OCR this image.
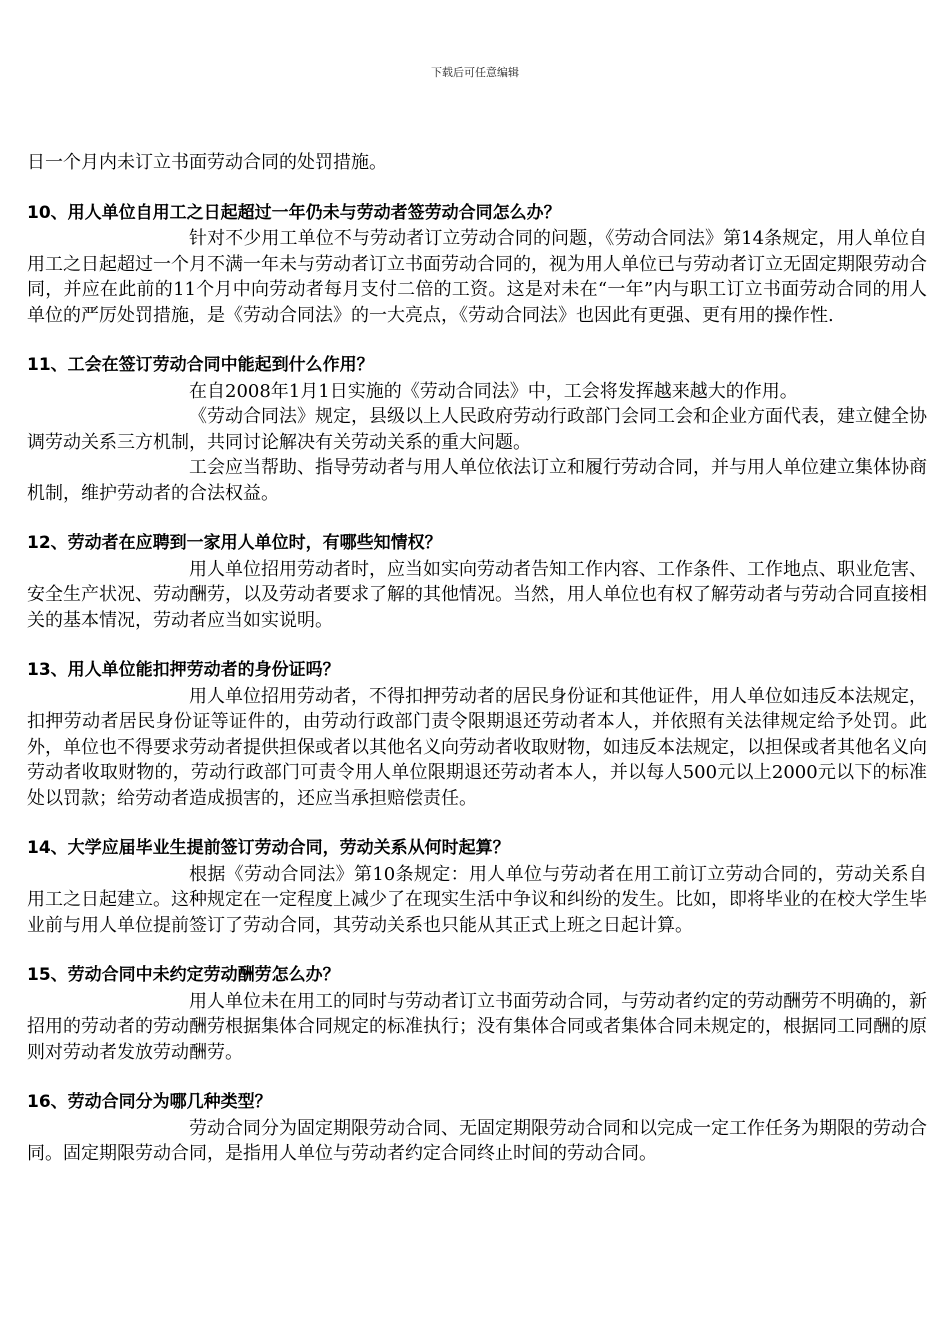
下载后可任意编辑

日一个月内未订立书面劳动合同的处罚措施。

10、用人单位自用工之日起超过一年仍未与劳动者签劳动合同怎么办？

针对不少用工单位不与劳动者订立劳动合同的问题，《劳动合同法》第14条规定，用人单位自用工之日起超过一个月不满一年未与劳动者订立书面劳动合同的，视为用人单位已与劳动者订立无固定期限劳动合同，并应在此前的11个月中向劳动者每月支付二倍的工资。这是对未在“一年”内与职工订立书面劳动合同的用人单位的严厉处罚措施，是《劳动合同法》的一大亮点，《劳动合同法》也因此有更强、更有用的操作性.

11、工会在签订劳动合同中能起到什么作用？

在自2008年1月1日实施的《劳动合同法》中，工会将发挥越来越大的作用。

《劳动合同法》规定，县级以上人民政府劳动行政部门会同工会和企业方面代表，建立健全协调劳动关系三方机制，共同讨论解决有关劳动关系的重大问题。

工会应当帮助、指导劳动者与用人单位依法订立和履行劳动合同，并与用人单位建立集体协商机制，维护劳动者的合法权益。

12、劳动者在应聘到一家用人单位时，有哪些知情权？

用人单位招用劳动者时，应当如实向劳动者告知工作内容、工作条件、工作地点、职业危害、安全生产状况、劳动酬劳，以及劳动者要求了解的其他情况。当然，用人单位也有权了解劳动者与劳动合同直接相关的基本情况，劳动者应当如实说明。

13、用人单位能扣押劳动者的身份证吗？

用人单位招用劳动者，不得扣押劳动者的居民身份证和其他证件，用人单位如违反本法规定，扣押劳动者居民身份证等证件的，由劳动行政部门责令限期退还劳动者本人，并依照有关法律规定给予处罚。此外，单位也不得要求劳动者提供担保或者以其他名义向劳动者收取财物，如违反本法规定，以担保或者其他名义向劳动者收取财物的，劳动行政部门可责令用人单位限期退还劳动者本人，并以每人500元以上2000元以下的标准处以罚款；给劳动者造成损害的，还应当承担赔偿责任。

14、大学应届毕业生提前签订劳动合同，劳动关系从何时起算？

根据《劳动合同法》第10条规定：用人单位与劳动者在用工前订立劳动合同的，劳动关系自用工之日起建立。这种规定在一定程度上减少了在现实生活中争议和纠纷的发生。比如，即将毕业的在校大学生毕业前与用人单位提前签订了劳动合同，其劳动关系也只能从其正式上班之日起计算。

15、劳动合同中未约定劳动酬劳怎么办？

用人单位未在用工的同时与劳动者订立书面劳动合同，与劳动者约定的劳动酬劳不明确的，新招用的劳动者的劳动酬劳根据集体合同规定的标准执行；没有集体合同或者集体合同未规定的，根据同工同酬的原则对劳动者发放劳动酬劳。

16、劳动合同分为哪几种类型？

劳动合同分为固定期限劳动合同、无固定期限劳动合同和以完成一定工作任务为期限的劳动合同。固定期限劳动合同，是指用人单位与劳动者约定合同终止时间的劳动合同。
